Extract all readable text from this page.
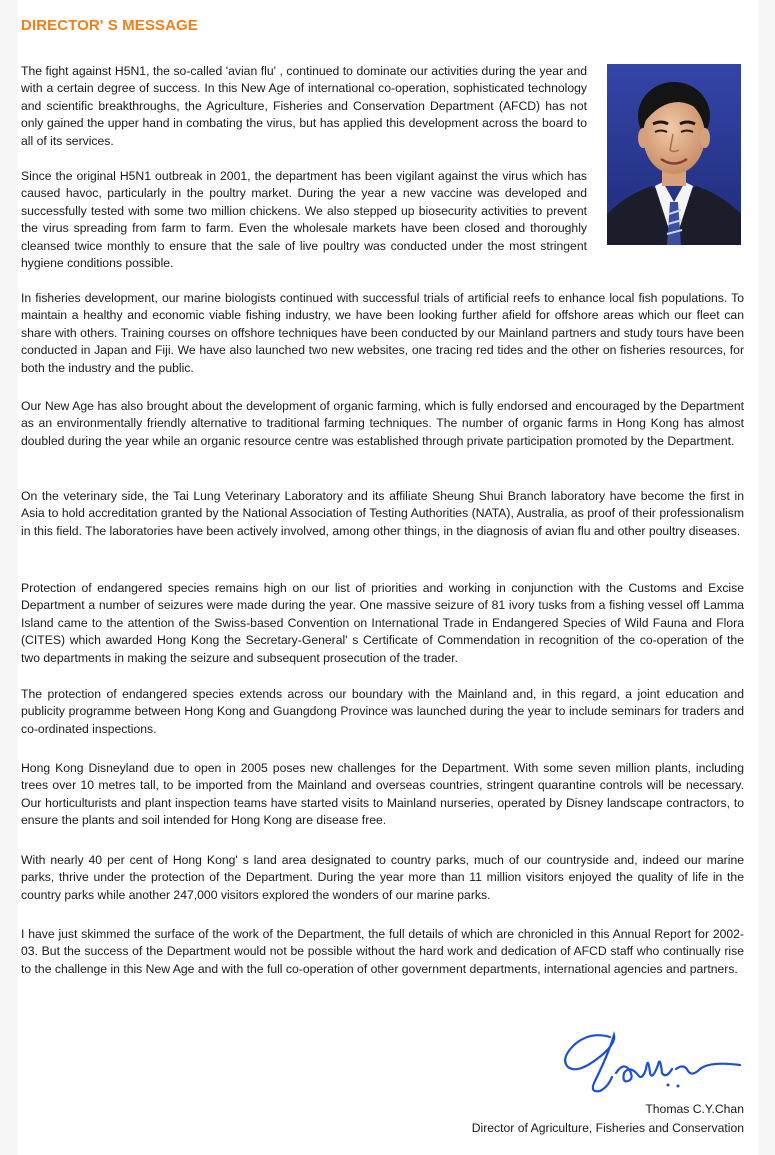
DIRECTOR' S MESSAGE

The fight against H5N1, the so-called 'avian flu' , continued to dominate our activities during the year and with a certain degree of success. In this New Age of international co-operation, sophisticated technology and scientific breakthroughs, the Agriculture, Fisheries and Conservation Department (AFCD) has not only gained the upper hand in combating the virus, but has applied this development across the board to all of its services.

Since the original H5N1 outbreak in 2001, the department has been vigilant against the virus which has caused havoc, particularly in the poultry market. During the year a new vaccine was developed and successfully tested with some two million chickens. We also stepped up biosecurity activities to prevent the virus spreading from farm to farm. Even the wholesale markets have been closed and thoroughly cleansed twice monthly to ensure that the sale of live poultry was conducted under the most stringent hygiene conditions possible.

In fisheries development, our marine biologists continued with successful trials of artificial reefs to enhance local fish populations. To maintain a healthy and economic viable fishing industry, we have been looking further afield for offshore areas which our fleet can share with others. Training courses on offshore techniques have been conducted by our Mainland partners and study tours have been conducted in Japan and Fiji. We have also launched two new websites, one tracing red tides and the other on fisheries resources, for both the industry and the public.

Our New Age has also brought about the development of organic farming, which is fully endorsed and encouraged by the Department as an environmentally friendly alternative to traditional farming techniques. The number of organic farms in Hong Kong has almost doubled during the year while an organic resource centre was established through private participation promoted by the Department.

On the veterinary side, the Tai Lung Veterinary Laboratory and its affiliate Sheung Shui Branch laboratory have become the first in Asia to hold accreditation granted by the National Association of Testing Authorities (NATA), Australia, as proof of their professionalism in this field. The laboratories have been actively involved, among other things, in the diagnosis of avian flu and other poultry diseases.

Protection of endangered species remains high on our list of priorities and working in conjunction with the Customs and Excise Department a number of seizures were made during the year. One massive seizure of 81 ivory tusks from a fishing vessel off Lamma Island came to the attention of the Swiss-based Convention on International Trade in Endangered Species of Wild Fauna and Flora (CITES) which awarded Hong Kong the Secretary-General' s Certificate of Commendation in recognition of the co-operation of the two departments in making the seizure and subsequent prosecution of the trader.

The protection of endangered species extends across our boundary with the Mainland and, in this regard, a joint education and publicity programme between Hong Kong and Guangdong Province was launched during the year to include seminars for traders and co-ordinated inspections.

Hong Kong Disneyland due to open in 2005 poses new challenges for the Department. With some seven million plants, including trees over 10 metres tall, to be imported from the Mainland and overseas countries, stringent quarantine controls will be necessary. Our horticulturists and plant inspection teams have started visits to Mainland nurseries, operated by Disney landscape contractors, to ensure the plants and soil intended for Hong Kong are disease free.

With nearly 40 per cent of Hong Kong' s land area designated to country parks, much of our countryside and, indeed our marine parks, thrive under the protection of the Department. During the year more than 11 million visitors enjoyed the quality of life in the country parks while another 247,000 visitors explored the wonders of our marine parks.

I have just skimmed the surface of the work of the Department, the full details of which are chronicled in this Annual Report for 2002-03. But the success of the Department would not be possible without the hard work and dedication of AFCD staff who continually rise to the challenge in this New Age and with the full co-operation of other government departments, international agencies and partners.

Thomas C.Y.Chan

Director of Agriculture, Fisheries and Conservation
